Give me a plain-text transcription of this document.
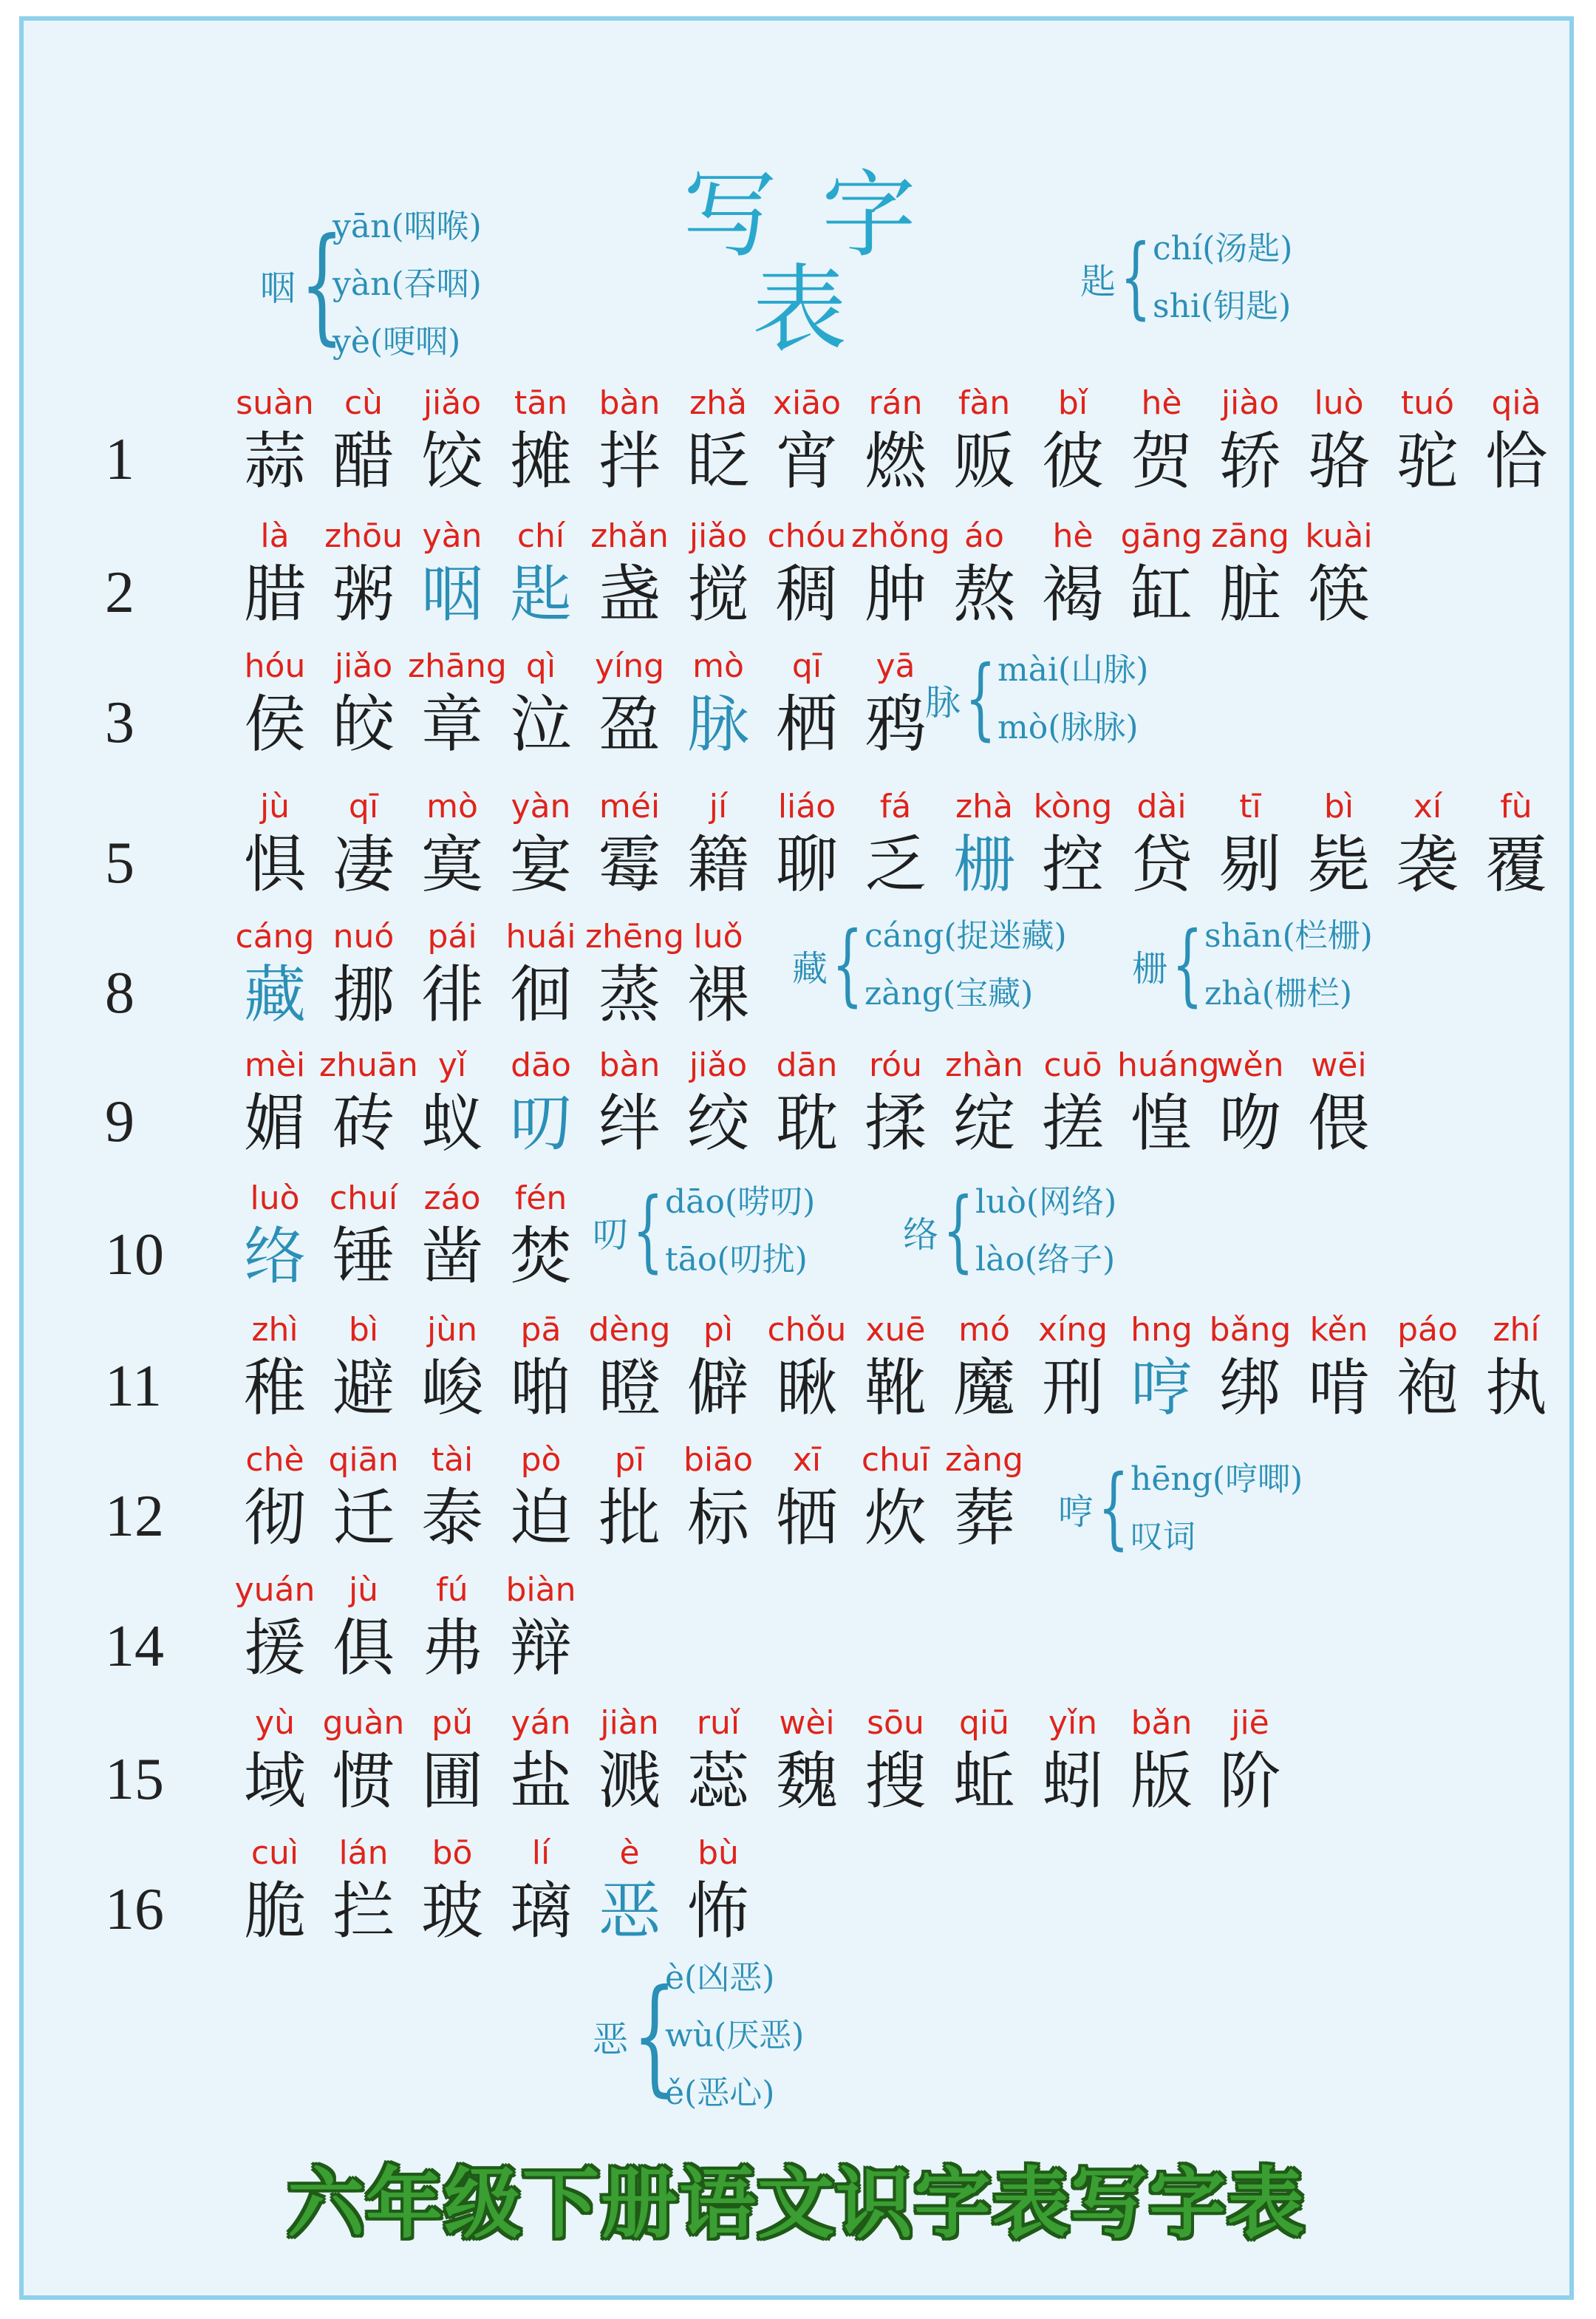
写字表
1
suàn
蒜
cù
醋
jiǎo
饺
tān
摊
bàn
拌
zhǎ
眨
xiāo
宵
rán
燃
fàn
贩
bǐ
彼
hè
贺
jiào
轿
luò
骆
tuó
驼
qià
恰
2
là
腊
zhōu
粥
yàn
咽
chí
匙
zhǎn
盏
jiǎo
搅
chóu
稠
zhǒng
肿
áo
熬
hè
褐
gāng
缸
zāng
脏
kuài
筷
3
hóu
侯
jiǎo
皎
zhāng
章
qì
泣
yíng
盈
mò
脉
qī
栖
yā
鸦
5
jù
惧
qī
凄
mò
寞
yàn
宴
méi
霉
jí
籍
liáo
聊
fá
乏
zhà
栅
kòng
控
dài
贷
tī
剔
bì
毙
xí
袭
fù
覆
8
cáng
藏
nuó
挪
pái
徘
huái
徊
zhēng
蒸
luǒ
裸
9
mèi
媚
zhuān
砖
yǐ
蚁
dāo
叨
bàn
绊
jiǎo
绞
dān
耽
róu
揉
zhàn
绽
cuō
搓
huáng
惶
wěn
吻
wēi
偎
10
luò
络
chuí
锤
záo
凿
fén
焚
11
zhì
稚
bì
避
jùn
峻
pā
啪
dèng
瞪
pì
僻
chǒu
瞅
xuē
靴
mó
魔
xíng
刑
hng
哼
bǎng
绑
kěn
啃
páo
袍
zhí
执
12
chè
彻
qiān
迁
tài
泰
pò
迫
pī
批
biāo
标
xī
牺
chuī
炊
zàng
葬
14
yuán
援
jù
俱
fú
弗
biàn
辩
15
yù
域
guàn
惯
pǔ
圃
yán
盐
jiàn
溅
ruǐ
蕊
wèi
魏
sōu
搜
qiū
蚯
yǐn
蚓
bǎn
版
jiē
阶
16
cuì
脆
lán
拦
bō
玻
lí
璃
è
恶
bù
怖
咽 {
yān(咽喉)
yàn(吞咽)
yè(哽咽)
匙 { chí(汤匙)
shi(钥匙)
脉 { mài(山脉)
mò(脉脉)
藏 { cáng(捉迷藏)
zàng(宝藏)
栅 { shān(栏栅)
zhà(栅栏)
叨 { dāo(唠叨)
tāo(叨扰)
络 { luò(网络)
lào(络子)
哼 { hēng(哼唧)
叹词
恶 {
è(凶恶)
wù(厌恶)
ě(恶心)
六年级下册语文识字表写字表
